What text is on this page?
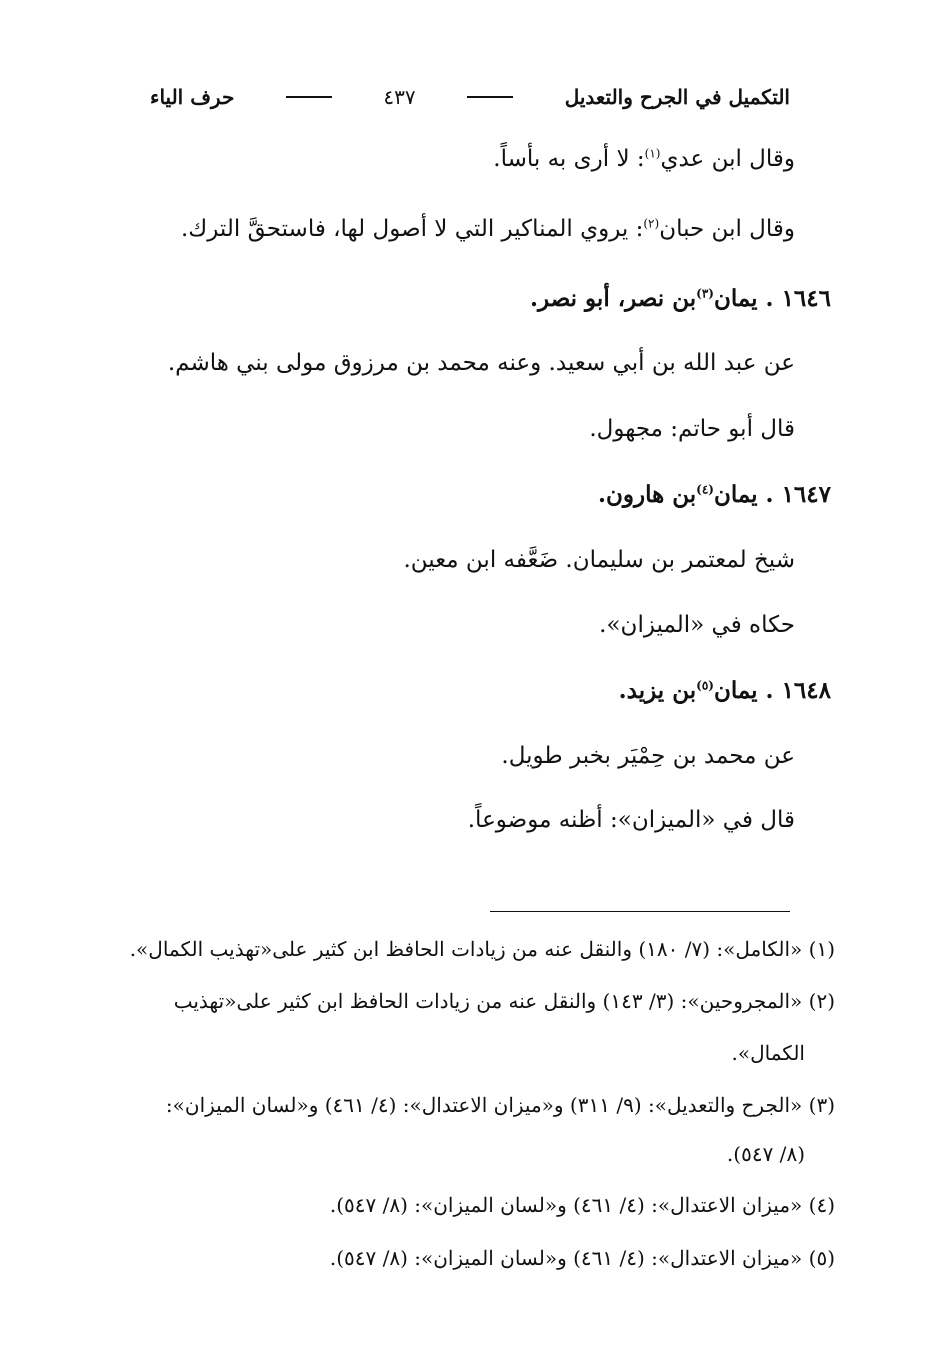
التكميل في الجرح والتعديل
٤٣٧
حرف الياء
وقال ابن عدي$^{(١)}$: لا أرى به بأساً.
وقال ابن حبان$^{(٢)}$: يروي المناكير التي لا أصول لها، فاستحقَّ الترك.
١٦٤٦ . يمان$^{(٣)}$بن نصر، أبو نصر.
عن عبد الله بن أبي سعيد. وعنه محمد بن مرزوق مولى بني هاشم.
قال أبو حاتم: مجهول.
١٦٤٧ . يمان$^{(٤)}$بن هارون.
شيخ لمعتمر بن سليمان. ضَعَّفه ابن معين.
حكاه في «الميزان».
١٦٤٨ . يمان$^{(٥)}$بن يزيد.
عن محمد بن حِمْيَر بخبر طويل.
قال في «الميزان»: أظنه موضوعاً.
(١) «الكامل»: (٧/ ١٨٠) والنقل عنه من زيادات الحافظ ابن كثير على«تهذيب الكمال».
(٢) «المجروحين»: (٣/ ١٤٣) والنقل عنه من زيادات الحافظ ابن كثير على«تهذيب
الكمال».
(٣) «الجرح والتعديل»: (٩/ ٣١١) و«ميزان الاعتدال»: (٤/ ٤٦١) و«لسان الميزان»:
(٨/ ٥٤٧).
(٤) «ميزان الاعتدال»: (٤/ ٤٦١) و«لسان الميزان»: (٨/ ٥٤٧).
(٥) «ميزان الاعتدال»: (٤/ ٤٦١) و«لسان الميزان»: (٨/ ٥٤٧).
